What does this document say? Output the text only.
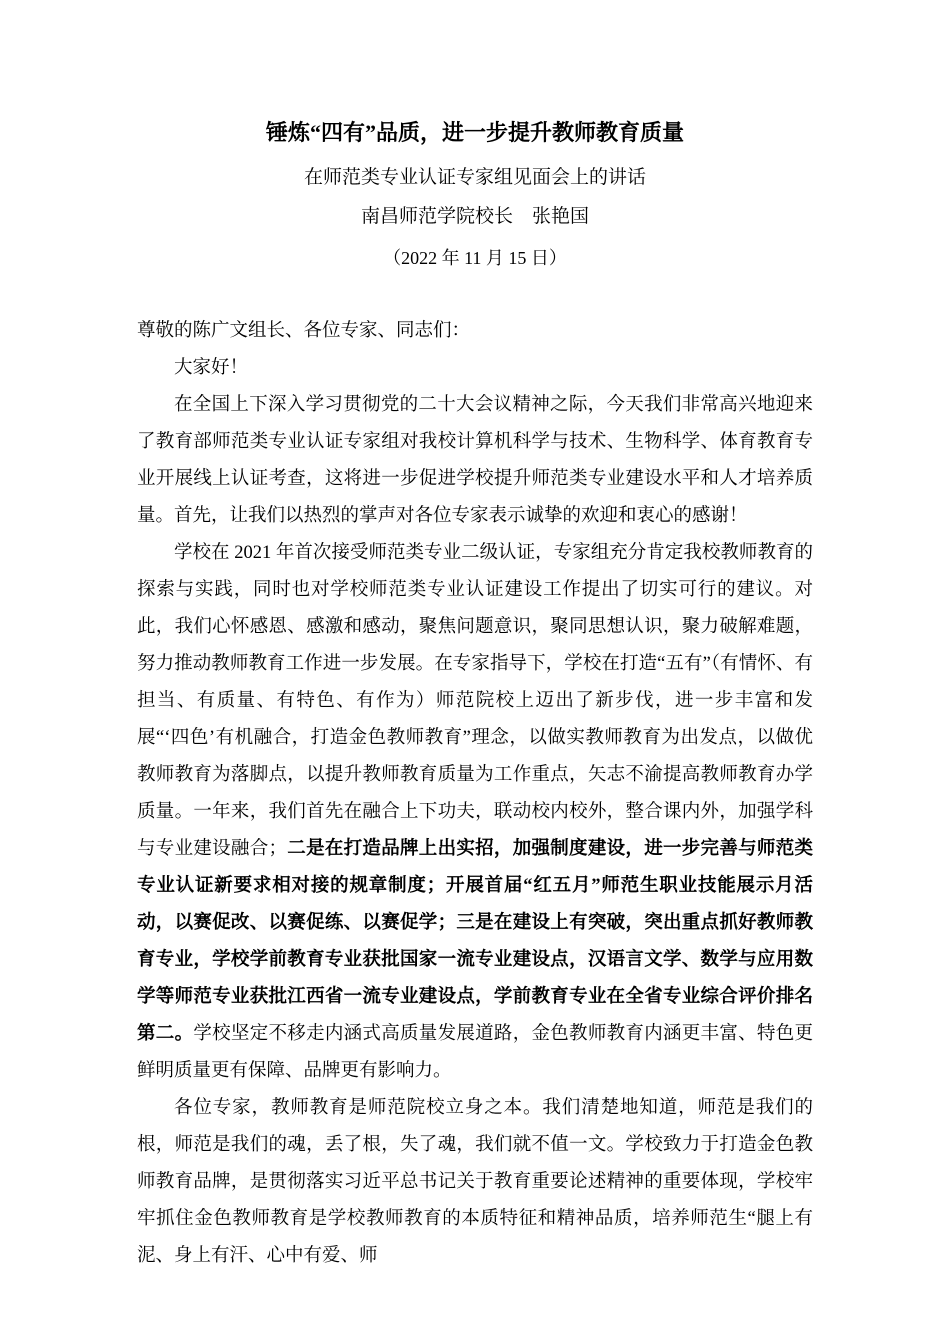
锤炼“四有”品质，进一步提升教师教育质量
在师范类专业认证专家组见面会上的讲话
南昌师范学院校长　张艳国
（2022 年 11 月 15 日）

尊敬的陈广文组长、各位专家、同志们：

大家好！

在全国上下深入学习贯彻党的二十大会议精神之际，今天我们非常高兴地迎来了教育部师范类专业认证专家组对我校计算机科学与技术、生物科学、体育教育专业开展线上认证考查，这将进一步促进学校提升师范类专业建设水平和人才培养质量。首先，让我们以热烈的掌声对各位专家表示诚挚的欢迎和衷心的感谢！

学校在 2021 年首次接受师范类专业二级认证，专家组充分肯定我校教师教育的探索与实践，同时也对学校师范类专业认证建设工作提出了切实可行的建议。对此，我们心怀感恩、感激和感动，聚焦问题意识，聚同思想认识，聚力破解难题，努力推动教师教育工作进一步发展。在专家指导下，学校在打造“五有”（有情怀、有担当、有质量、有特色、有作为）师范院校上迈出了新步伐，进一步丰富和发展“‘四色’有机融合，打造金色教师教育”理念，以做实教师教育为出发点，以做优教师教育为落脚点，以提升教师教育质量为工作重点，矢志不渝提高教师教育办学质量。一年来，我们首先在融合上下功夫，联动校内校外，整合课内外，加强学科与专业建设融合；二是在打造品牌上出实招，加强制度建设，进一步完善与师范类专业认证新要求相对接的规章制度；开展首届“红五月”师范生职业技能展示月活动，以赛促改、以赛促练、以赛促学；三是在建设上有突破，突出重点抓好教师教育专业，学校学前教育专业获批国家一流专业建设点，汉语言文学、数学与应用数学等师范专业获批江西省一流专业建设点，学前教育专业在全省专业综合评价排名第二。学校坚定不移走内涵式高质量发展道路，金色教师教育内涵更丰富、特色更鲜明质量更有保障、品牌更有影响力。

各位专家，教师教育是师范院校立身之本。我们清楚地知道，师范是我们的根，师范是我们的魂，丢了根，失了魂，我们就不值一文。学校致力于打造金色教师教育品牌，是贯彻落实习近平总书记关于教育重要论述精神的重要体现，学校牢牢抓住金色教师教育是学校教师教育的本质特征和精神品质，培养师范生“腿上有泥、身上有汗、心中有爱、师
